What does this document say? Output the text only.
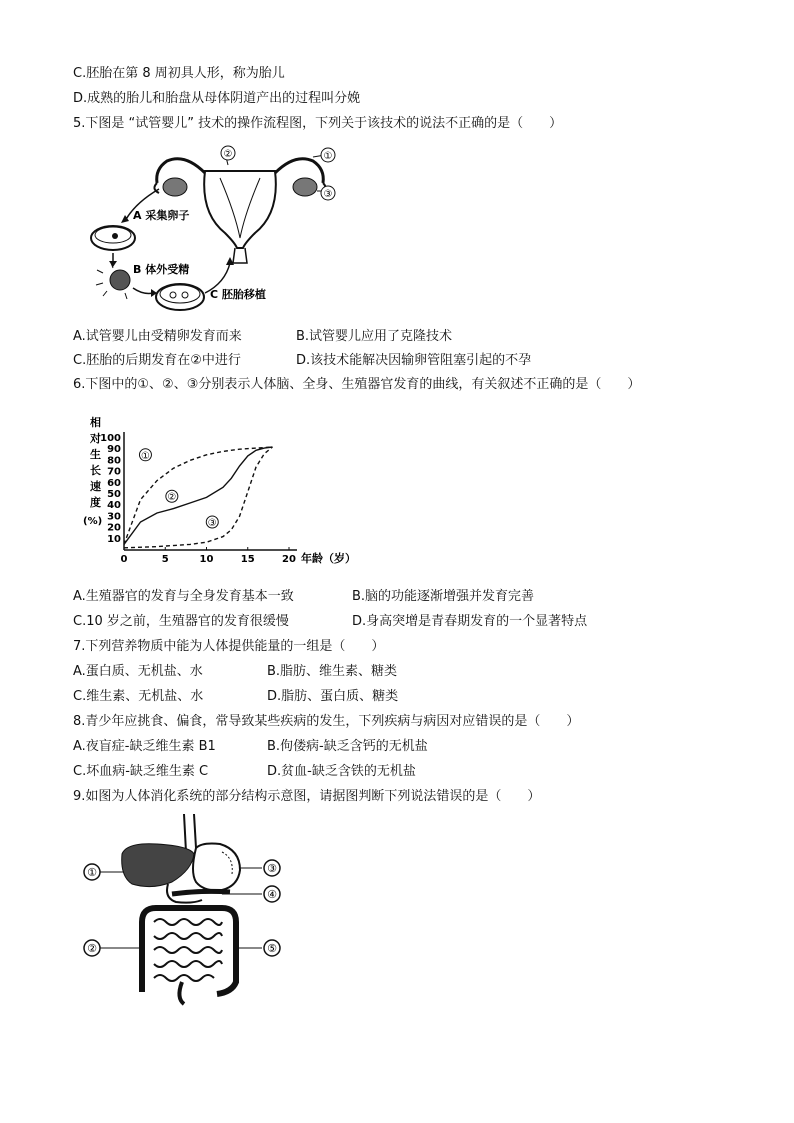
C.胚胎在第 8 周初具人形，称为胎儿
D.成熟的胎儿和胎盘从母体阴道产出的过程叫分娩
5.下图是 “试管婴儿” 技术的操作流程图，下列关于该技术的说法不正确的是（　　）
②	①
③
A 采集卵子
B 体外受精
C 胚胎移植
A.试管婴儿由受精卵发育而来	B.试管婴儿应用了克隆技术
C.胚胎的后期发育在②中进行	D.该技术能解决因输卵管阻塞引起的不孕
6.下图中的①、②、③分别表示人体脑、全身、生殖器官发育的曲线，有关叙述不正确的是（　　）
相
对
生
长
速
度
(%)
10
20
30
40
50
60
70
80
90
100
0	5	10	15	20 年龄（岁）
①
②
③
A.生殖器官的发育与全身发育基本一致	B.脑的功能逐渐增强并发育完善
C.10 岁之前，生殖器官的发育很缓慢	D.身高突增是青春期发育的一个显著特点
7.下列营养物质中能为人体提供能量的一组是（　　）
A.蛋白质、无机盐、水	B.脂肪、维生素、糖类
C.维生素、无机盐、水	D.脂肪、蛋白质、糖类
8.青少年应挑食、偏食，常导致某些疾病的发生，下列疾病与病因对应错误的是（　　）
A.夜盲症-缺乏维生素 B1	B.佝偻病-缺乏含钙的无机盐
C.坏血病-缺乏维生素 C	D.贫血-缺乏含铁的无机盐
9.如图为人体消化系统的部分结构示意图，请据图判断下列说法错误的是（　　）
①	③
④
②	⑤
